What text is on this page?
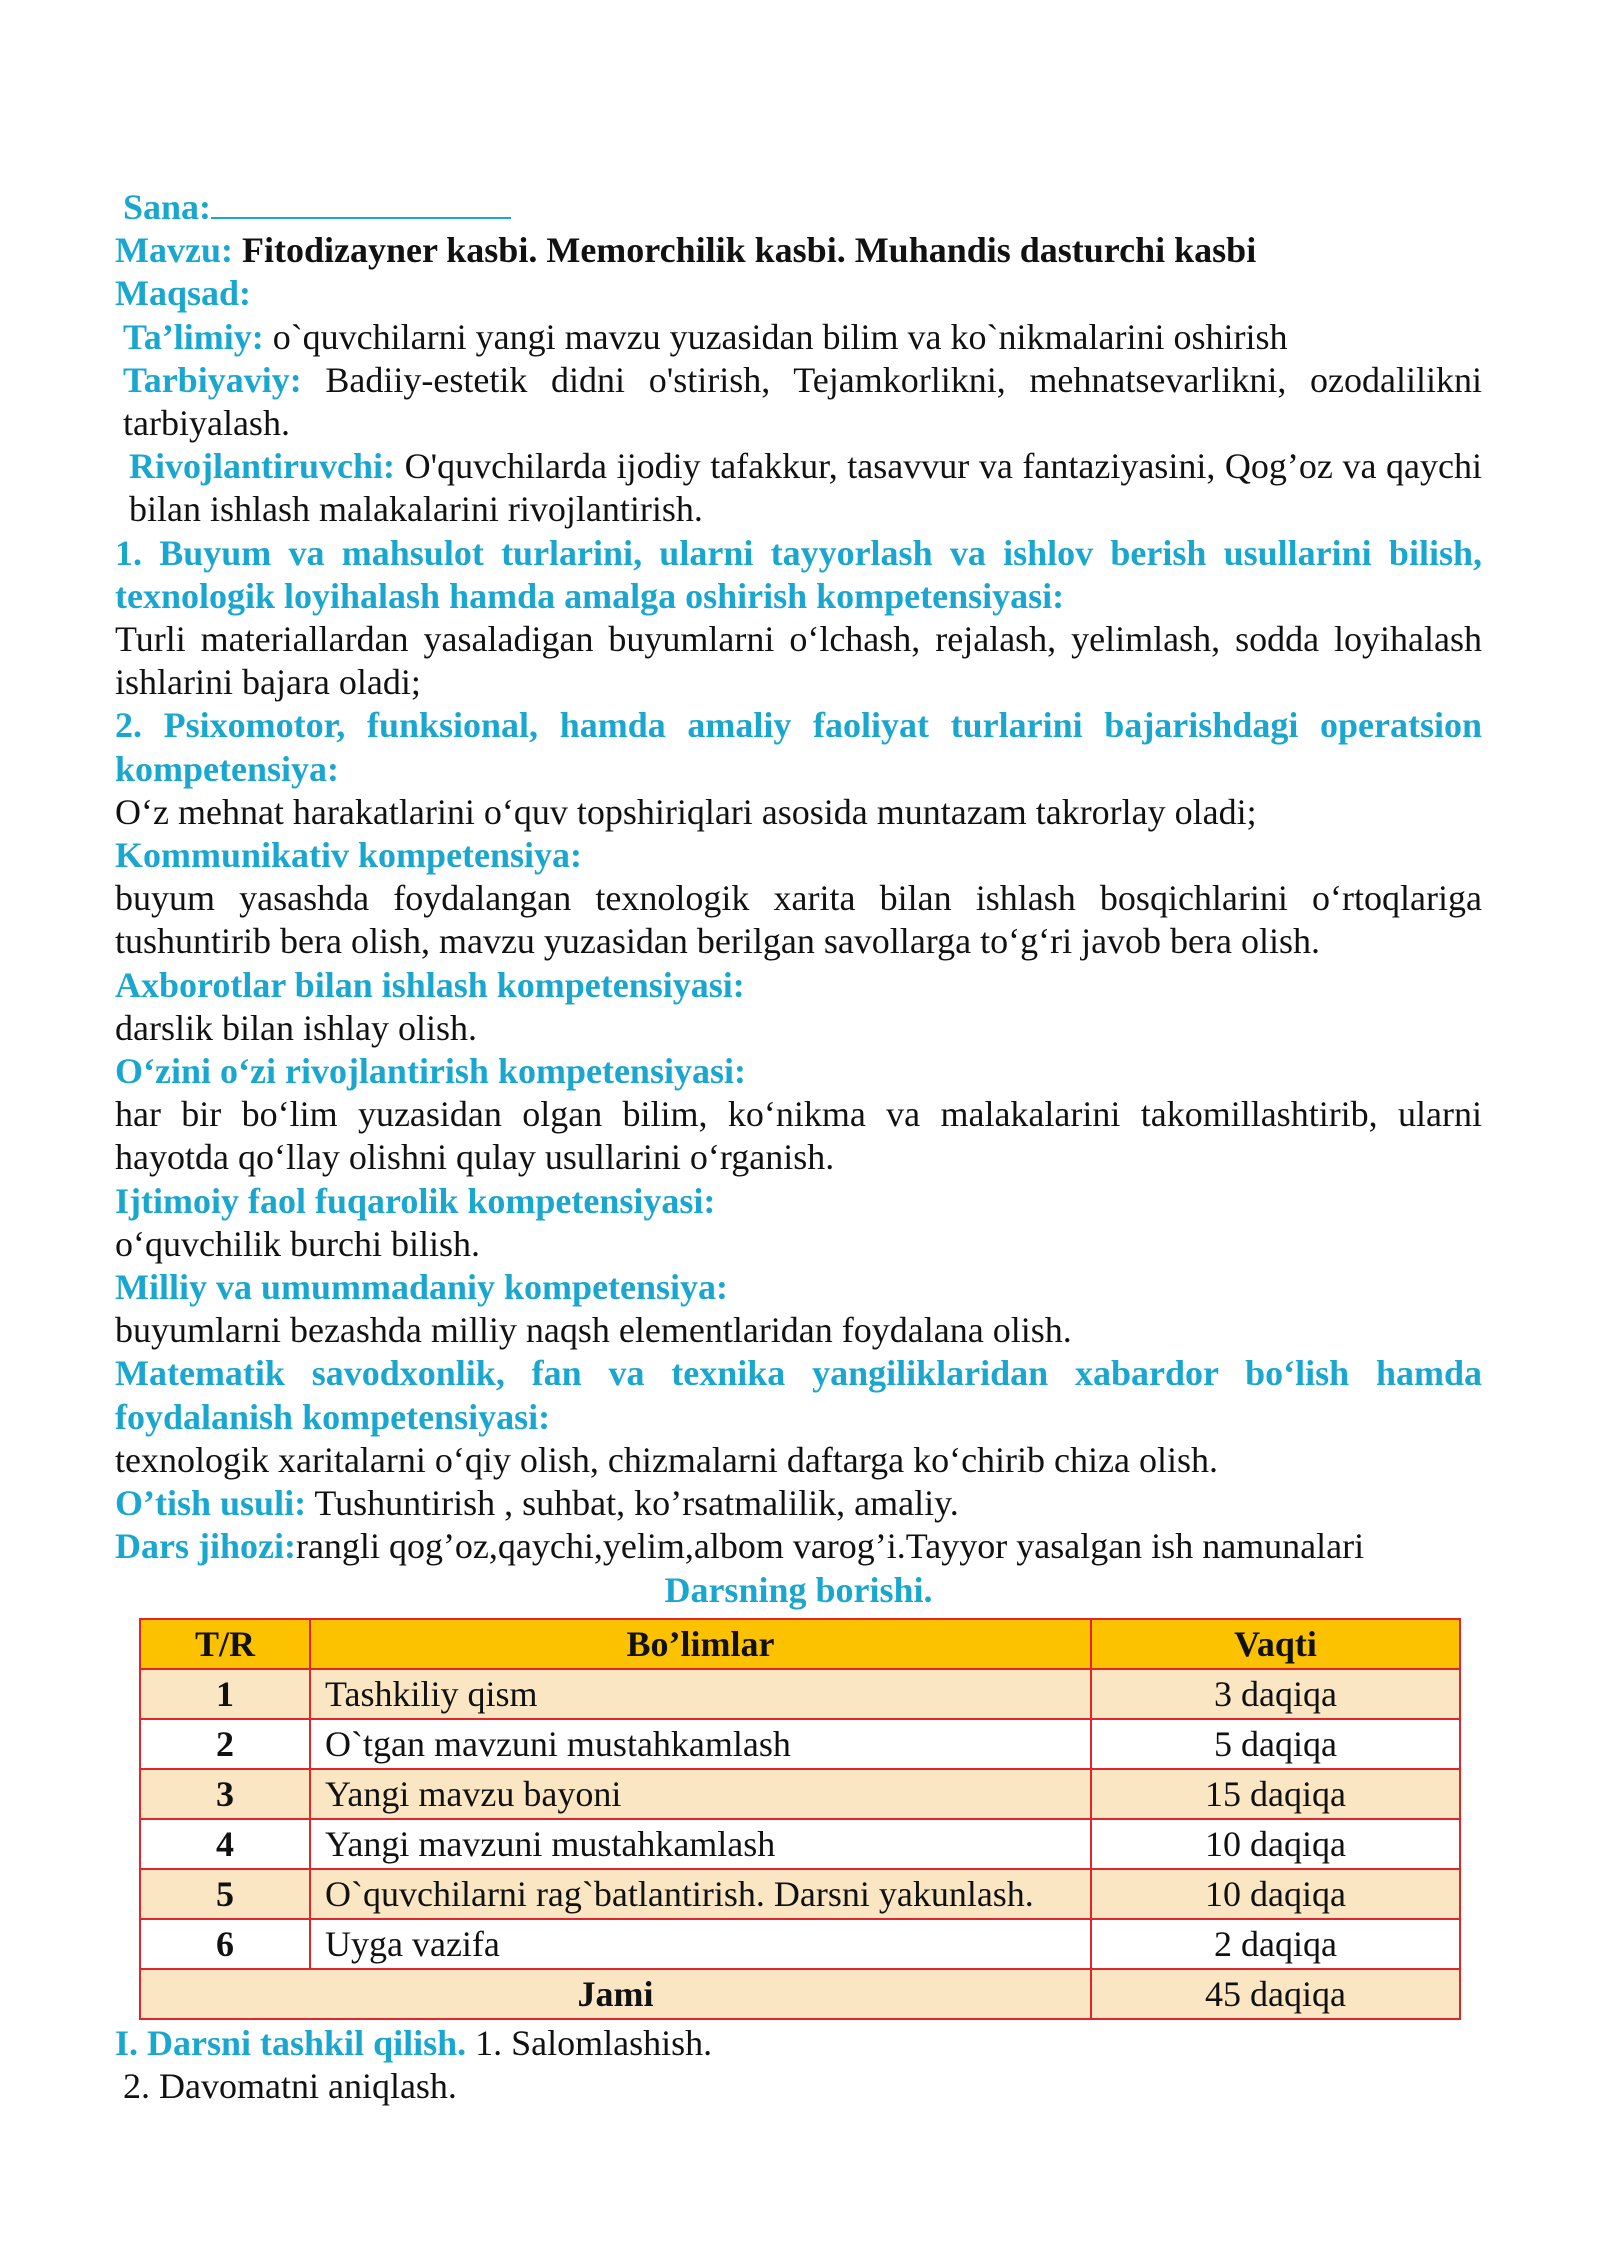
Sana:
Mavzu: Fitodizayner kasbi. Memorchilik kasbi. Muhandis dasturchi kasbi
Maqsad:
Ta’limiy: o`quvchilarni yangi mavzu yuzasidan bilim va ko`nikmalarini oshirish
Tarbiyaviy: Badiiy-estetik didni o'stirish, Tejamkorlikni, mehnatsevarlikni, ozodalilikni tarbiyalash.
Rivojlantiruvchi: O'quvchilarda ijodiy tafakkur, tasavvur va fantaziyasini, Qog’oz va qaychi bilan ishlash malakalarini rivojlantirish.
1. Buyum va mahsulot turlarini, ularni tayyorlash va ishlov berish usullarini bilish, texnologik loyihalash hamda amalga oshirish kompetensiyasi:
Turli materiallardan yasaladigan buyumlarni o‘lchash, rejalash, yelimlash, sodda loyihalash ishlarini bajara oladi;
2. Psixomotor, funksional, hamda amaliy faoliyat turlarini bajarishdagi operatsion kompetensiya:
O‘z mehnat harakatlarini o‘quv topshiriqlari asosida muntazam takrorlay oladi;
Kommunikativ kompetensiya:
buyum yasashda foydalangan texnologik xarita bilan ishlash bosqichlarini o‘rtoqlariga tushuntirib bera olish, mavzu yuzasidan berilgan savollarga to‘g‘ri javob bera olish.
Axborotlar bilan ishlash kompetensiyasi:
darslik bilan ishlay olish.
O‘zini o‘zi rivojlantirish kompetensiyasi:
har bir bo‘lim yuzasidan olgan bilim, ko‘nikma va malakalarini takomillashtirib, ularni hayotda qo‘llay olishni qulay usullarini o‘rganish.
Ijtimoiy faol fuqarolik kompetensiyasi:
o‘quvchilik burchi bilish.
Milliy va umummadaniy kompetensiya:
buyumlarni bezashda milliy naqsh elementlaridan foydalana olish.
Matematik savodxonlik, fan va texnika yangiliklaridan xabardor bo‘lish hamda foydalanish kompetensiyasi:
texnologik xaritalarni o‘qiy olish, chizmalarni daftarga ko‘chirib chiza olish.
O’tish usuli: Tushuntirish , suhbat, ko’rsatmalilik, amaliy.
Dars jihozi:rangli qog’oz,qaychi,yelim,albom varog’i.Tayyor yasalgan ish namunalari
Darsning borishi.
T/R	Bo’limlar	Vaqti
1	Tashkiliy qism	3 daqiqa
2	O`tgan mavzuni mustahkamlash	5 daqiqa
3	Yangi mavzu bayoni	15 daqiqa
4	Yangi mavzuni mustahkamlash	10 daqiqa
5	O`quvchilarni rag`batlantirish. Darsni yakunlash.	10 daqiqa
6	Uyga vazifa	2 daqiqa
Jami		45 daqiqa
I. Darsni tashkil qilish. 1. Salomlashish.
2. Davomatni aniqlash.
